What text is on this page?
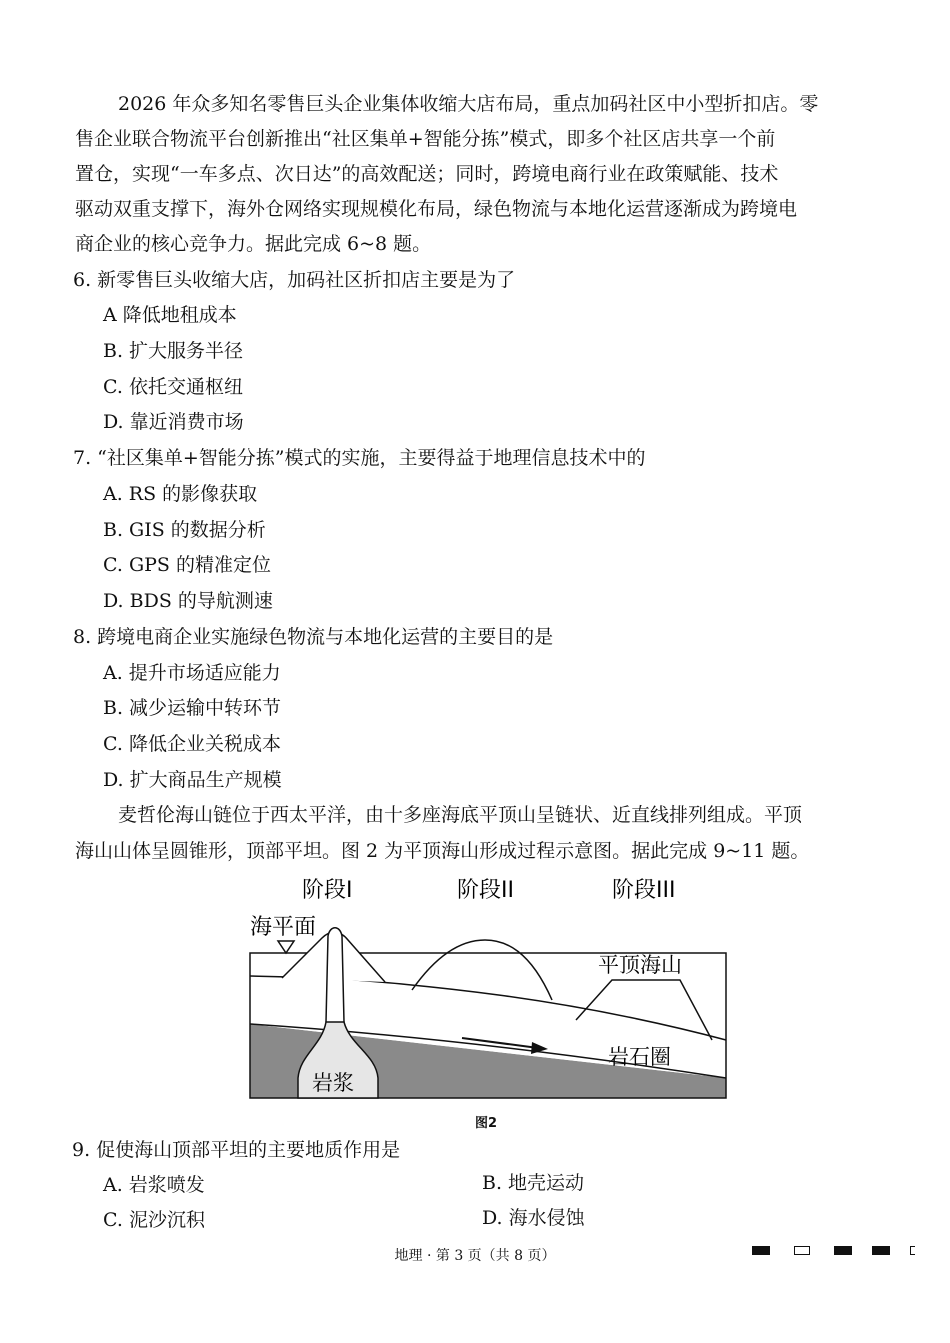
2026 年众多知名零售巨头企业集体收缩大店布局，重点加码社区中小型折扣店。零
售企业联合物流平台创新推出“社区集单+智能分拣”模式，即多个社区店共享一个前
置仓，实现“一车多点、次日达”的高效配送；同时，跨境电商行业在政策赋能、技术
驱动双重支撑下，海外仓网络实现规模化布局，绿色物流与本地化运营逐渐成为跨境电
商企业的核心竞争力。据此完成 6~8 题。
6. 新零售巨头收缩大店，加码社区折扣店主要是为了
A 降低地租成本
B. 扩大服务半径
C. 依托交通枢纽
D. 靠近消费市场
7. “社区集单+智能分拣”模式的实施，主要得益于地理信息技术中的
A. RS 的影像获取
B. GIS 的数据分析
C. GPS 的精准定位
D. BDS 的导航测速
8. 跨境电商企业实施绿色物流与本地化运营的主要目的是
A. 提升市场适应能力
B. 减少运输中转环节
C. 降低企业关税成本
D. 扩大商品生产规模
麦哲伦海山链位于西太平洋，由十多座海底平顶山呈链状、近直线排列组成。平顶
海山山体呈圆锥形，顶部平坦。图 2 为平顶海山形成过程示意图。据此完成 9~11 题。
阶段I	阶段II	阶段III
海平面
岩浆
平顶海山
岩石圈
图2
9. 促使海山顶部平坦的主要地质作用是
A. 岩浆喷发	B. 地壳运动
C. 泥沙沉积	D. 海水侵蚀
地理 · 第 3 页（共 8 页）
